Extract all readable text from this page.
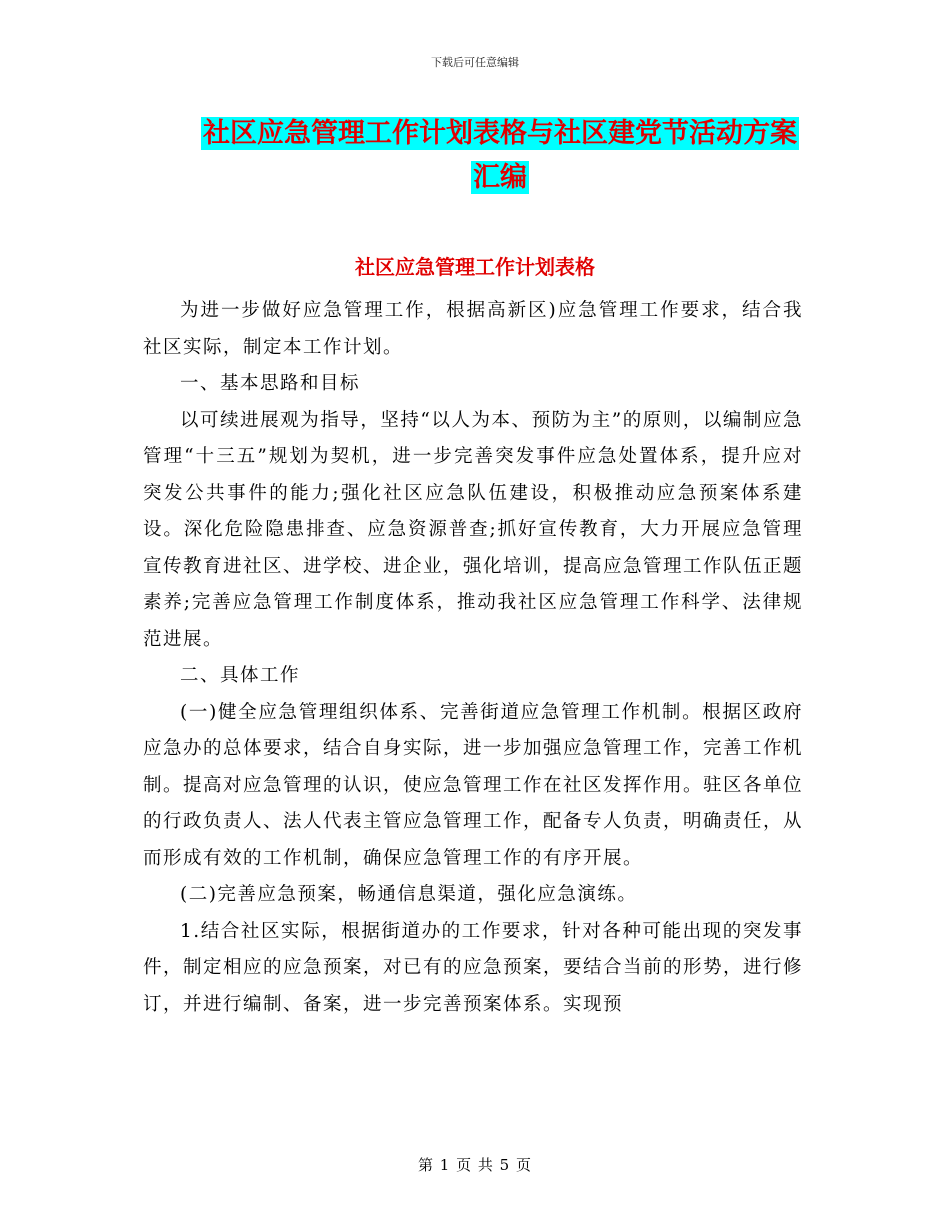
下载后可任意编辑
社区应急管理工作计划表格与社区建党节活动方案汇编
社区应急管理工作计划表格

为进一步做好应急管理工作，根据高新区)应急管理工作要求，结合我社区实际，制定本工作计划。

一、基本思路和目标

以可续进展观为指导，坚持“以人为本、预防为主”的原则，以编制应急管理“十三五”规划为契机，进一步完善突发事件应急处置体系，提升应对突发公共事件的能力;强化社区应急队伍建设，积极推动应急预案体系建设。深化危险隐患排查、应急资源普查;抓好宣传教育，大力开展应急管理宣传教育进社区、进学校、进企业，强化培训，提高应急管理工作队伍正题素养;完善应急管理工作制度体系，推动我社区应急管理工作科学、法律规范进展。

二、具体工作

(一)健全应急管理组织体系、完善街道应急管理工作机制。根据区政府应急办的总体要求，结合自身实际，进一步加强应急管理工作，完善工作机制。提高对应急管理的认识，使应急管理工作在社区发挥作用。驻区各单位的行政负责人、法人代表主管应急管理工作，配备专人负责，明确责任，从而形成有效的工作机制，确保应急管理工作的有序开展。

(二)完善应急预案，畅通信息渠道，强化应急演练。

1.结合社区实际，根据街道办的工作要求，针对各种可能出现的突发事件，制定相应的应急预案，对已有的应急预案，要结合当前的形势，进行修订，并进行编制、备案，进一步完善预案体系。实现预

第 1 页 共 5 页
